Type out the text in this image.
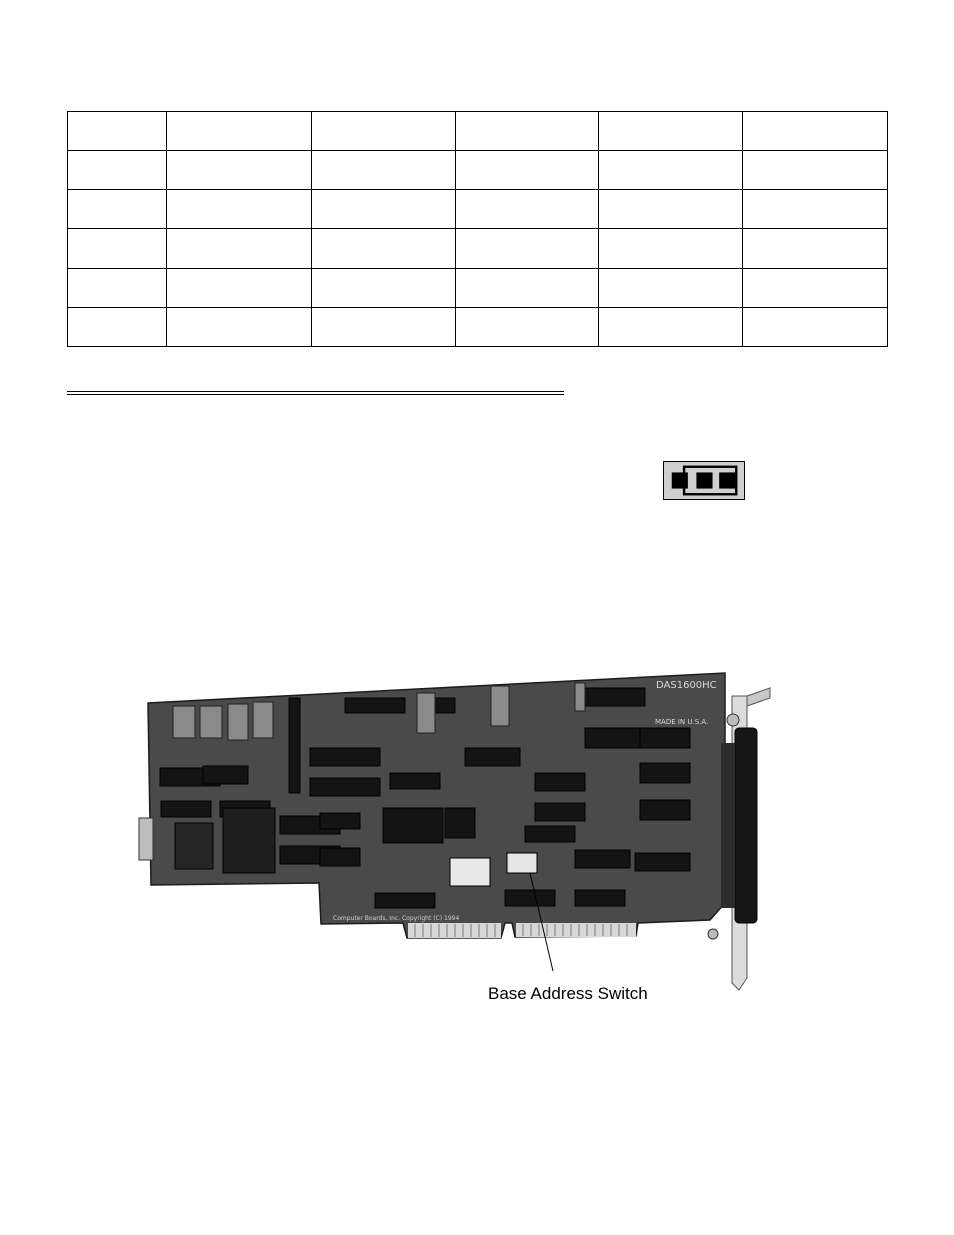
DAS1600HC
MADE IN U.S.A.
Computer Boards, Inc. Copyright (C) 1994
Base Address Switch
